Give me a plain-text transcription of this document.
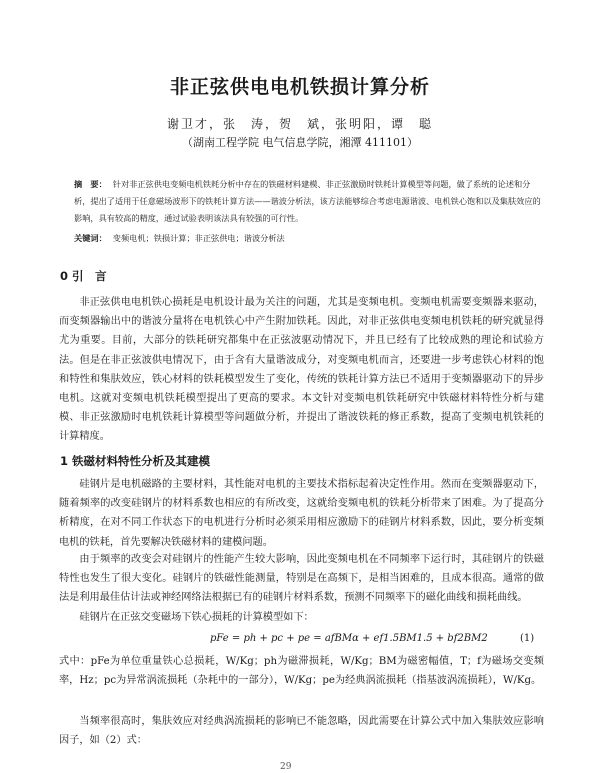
非正弦供电电机铁损计算分析
谢卫才，张　涛，贺　斌，张明阳，谭　聪
（湖南工程学院 电气信息学院，湘潭 411101）
摘　要： 针对非正弦供电变频电机铁耗分析中存在的铁磁材料建模、非正弦激励时铁耗计算模型等问题，做了系统的论述和分析，提出了适用于任意磁场波形下的铁耗计算方法——谐波分析法，该方法能够综合考虑电源谐波、电机铁心饱和以及集肤效应的影响，具有较高的精度，通过试验表明该法具有较强的可行性。
关键词： 变频电机；铁损计算；非正弦供电；谐波分析法
0 引　言
非正弦供电电机铁心损耗是电机设计最为关注的问题，尤其是变频电机。变频电机需要变频器来驱动，而变频器输出中的谐波分量将在电机铁心中产生附加铁耗。因此，对非正弦供电变频电机铁耗的研究就显得尤为重要。目前，大部分的铁耗研究都集中在正弦波驱动情况下，并且已经有了比较成熟的理论和试验方法。但是在非正弦波供电情况下，由于含有大量谐波成分，对变频电机而言，还要进一步考虑铁心材料的饱和特性和集肤效应，铁心材料的铁耗模型发生了变化，传统的铁耗计算方法已不适用于变频器驱动下的异步电机。这就对变频电机铁耗模型提出了更高的要求。本文针对变频电机铁耗研究中铁磁材料特性分析与建模、非正弦激励时电机铁耗计算模型等问题做分析，并提出了谐波铁耗的修正系数，提高了变频电机铁耗的计算精度。
1 铁磁材料特性分析及其建模
硅钢片是电机磁路的主要材料，其性能对电机的主要技术指标起着决定性作用。然而在变频器驱动下，随着频率的改变硅钢片的材料系数也相应的有所改变，这就给变频电机的铁耗分析带来了困难。为了提高分析精度，在对不同工作状态下的电机进行分析时必须采用相应激励下的硅钢片材料系数，因此，要分析变频电机的铁耗，首先要解决铁磁材料的建模问题。
由于频率的改变会对硅钢片的性能产生较大影响，因此变频电机在不同频率下运行时，其硅钢片的铁磁特性也发生了很大变化。硅钢片的铁磁性能测量，特别是在高频下，是相当困难的，且成本很高。通常的做法是利用最佳估计法或神经网络法根据已有的硅钢片材料系数，预测不同频率下的磁化曲线和损耗曲线。
硅钢片在正弦交变磁场下铁心损耗的计算模型如下：
pFe = ph + pc + pe = afBMα + ef1.5BM1.5 + bf2BM2	(1)
式中：pFe为单位重量铁心总损耗，W/Kg；ph为磁滞损耗，W/Kg；BM为磁密幅值，T；f为磁场交变频率，Hz；pc为异常涡流损耗（杂耗中的一部分），W/Kg；pe为经典涡流损耗（指基波涡流损耗），W/Kg。
当频率很高时，集肤效应对经典涡流损耗的影响已不能忽略，因此需要在计算公式中加入集肤效应影响因子，如（2）式：
29
